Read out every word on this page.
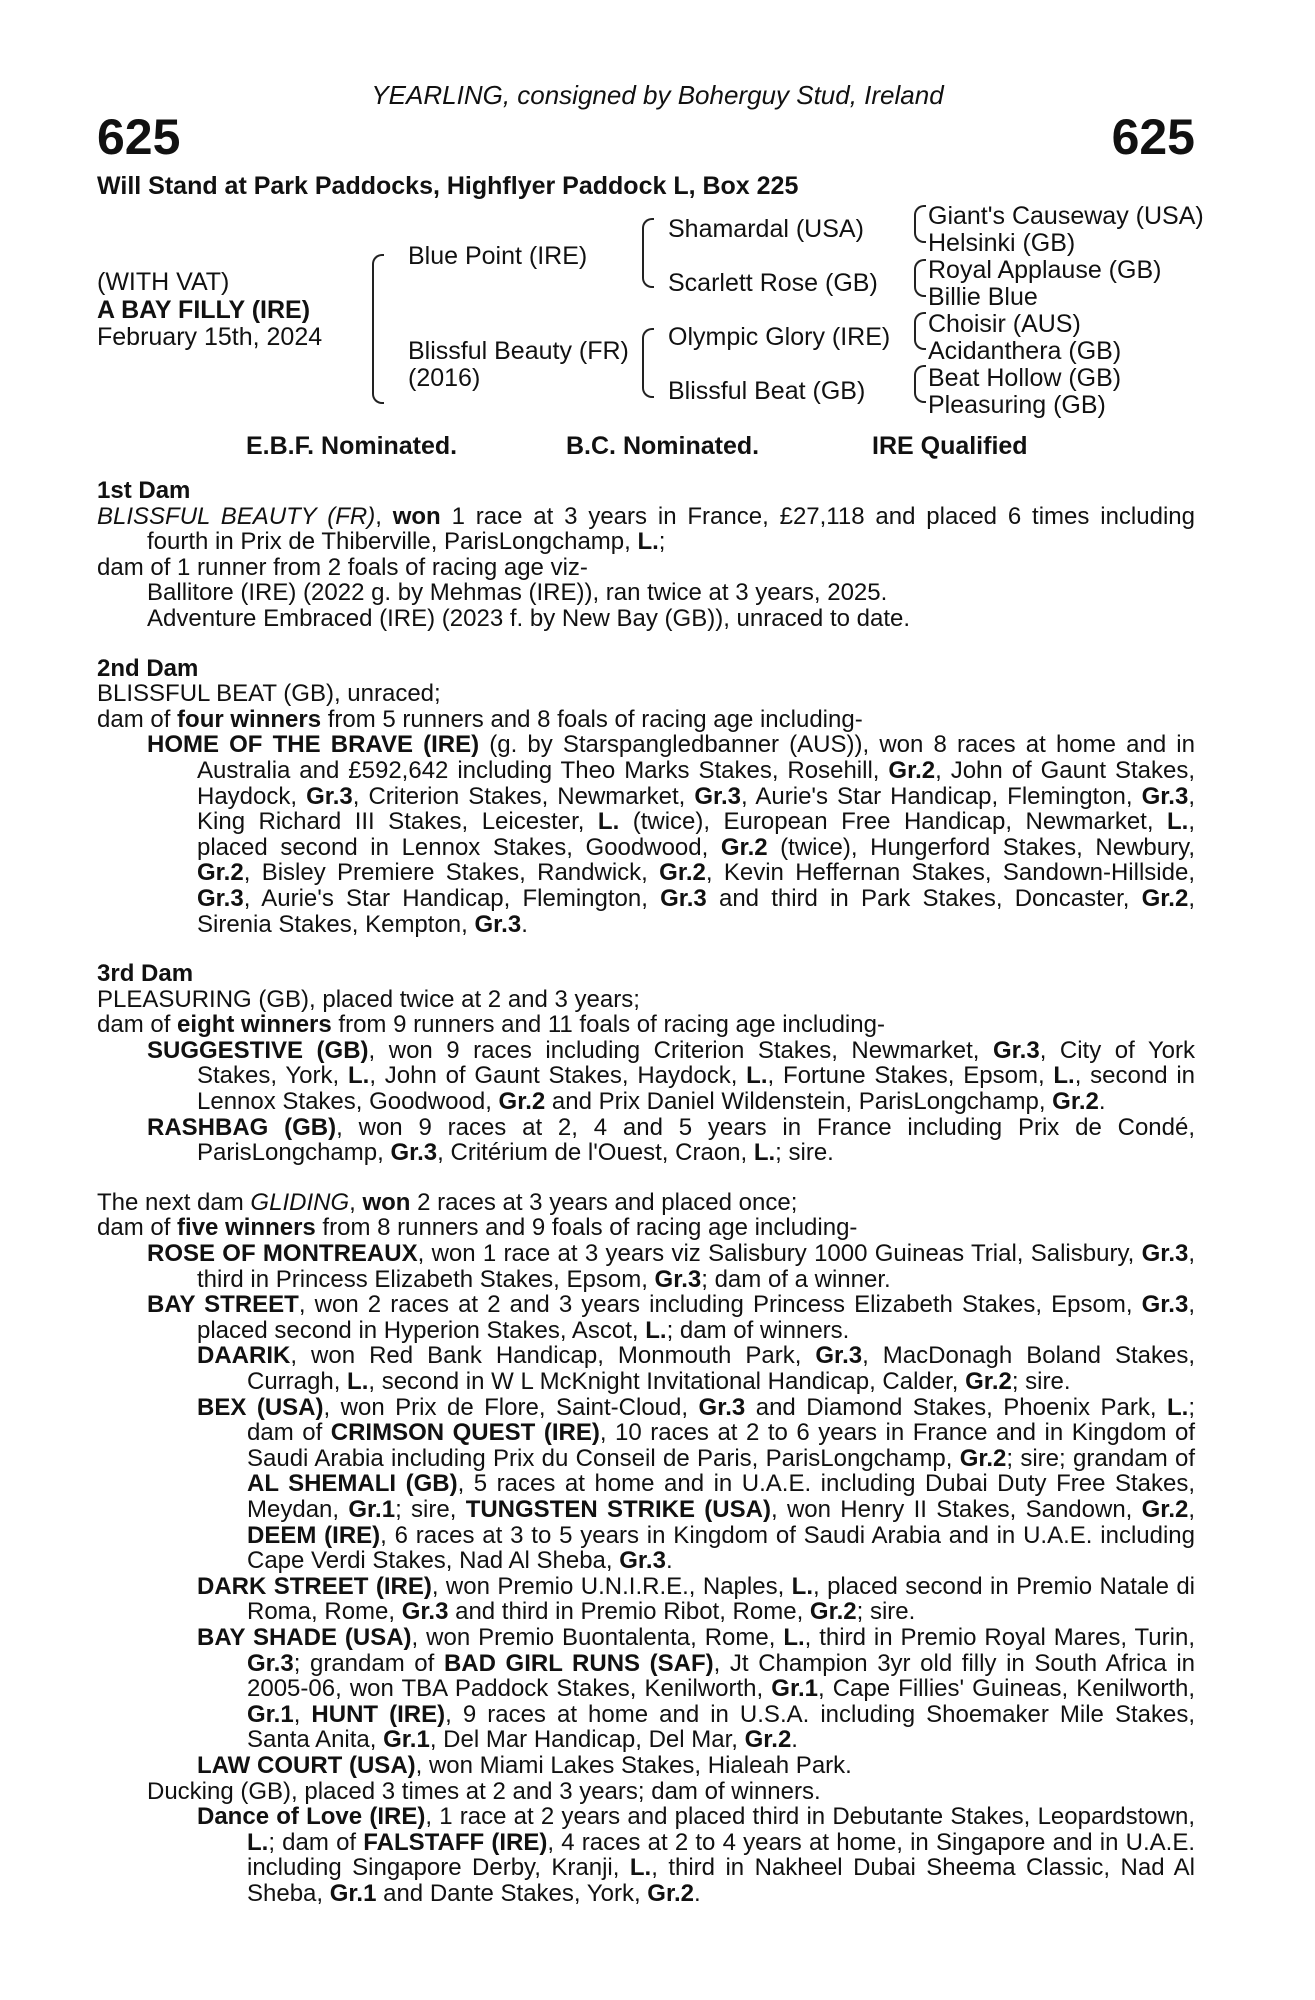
YEARLING, consigned by Boherguy Stud, Ireland
625	625
Will Stand at Park Paddocks, Highflyer Paddock L, Box 225
(WITH VAT)
A BAY FILLY (IRE)
February 15th, 2024
Blue Point (IRE)
Blissful Beauty (FR)
(2016)
Shamardal (USA)
Scarlett Rose (GB)
Olympic Glory (IRE)
Blissful Beat (GB)
Giant's Causeway (USA)
Helsinki (GB)
Royal Applause (GB)
Billie Blue
Choisir (AUS)
Acidanthera (GB)
Beat Hollow (GB)
Pleasuring (GB)
E.B.F. Nominated.	B.C. Nominated.	IRE Qualified

1st Dam

BLISSFUL BEAUTY (FR), won 1 race at 3 years in France, £27,118 and placed 6 times including fourth in Prix de Thiberville, ParisLongchamp, L.;

dam of 1 runner from 2 foals of racing age viz-

Ballitore (IRE) (2022 g. by Mehmas (IRE)), ran twice at 3 years, 2025.

Adventure Embraced (IRE) (2023 f. by New Bay (GB)), unraced to date.

2nd Dam

BLISSFUL BEAT (GB), unraced;

dam of four winners from 5 runners and 8 foals of racing age including-

HOME OF THE BRAVE (IRE) (g. by Starspangledbanner (AUS)), won 8 races at home and in Australia and £592,642 including Theo Marks Stakes, Rosehill, Gr.2, John of Gaunt Stakes, Haydock, Gr.3, Criterion Stakes, Newmarket, Gr.3, Aurie's Star Handicap, Flemington, Gr.3, King Richard III Stakes, Leicester, L. (twice), European Free Handicap, Newmarket, L., placed second in Lennox Stakes, Goodwood, Gr.2 (twice), Hungerford Stakes, Newbury, Gr.2, Bisley Premiere Stakes, Randwick, Gr.2, Kevin Heffernan Stakes, Sandown-Hillside, Gr.3, Aurie's Star Handicap, Flemington, Gr.3 and third in Park Stakes, Doncaster, Gr.2, Sirenia Stakes, Kempton, Gr.3.

3rd Dam

PLEASURING (GB), placed twice at 2 and 3 years;

dam of eight winners from 9 runners and 11 foals of racing age including-

SUGGESTIVE (GB), won 9 races including Criterion Stakes, Newmarket, Gr.3, City of York Stakes, York, L., John of Gaunt Stakes, Haydock, L., Fortune Stakes, Epsom, L., second in Lennox Stakes, Goodwood, Gr.2 and Prix Daniel Wildenstein, ParisLongchamp, Gr.2.

RASHBAG (GB), won 9 races at 2, 4 and 5 years in France including Prix de Condé, ParisLongchamp, Gr.3, Critérium de l'Ouest, Craon, L.; sire.

The next dam GLIDING, won 2 races at 3 years and placed once;

dam of five winners from 8 runners and 9 foals of racing age including-

ROSE OF MONTREAUX, won 1 race at 3 years viz Salisbury 1000 Guineas Trial, Salisbury, Gr.3, third in Princess Elizabeth Stakes, Epsom, Gr.3; dam of a winner.

BAY STREET, won 2 races at 2 and 3 years including Princess Elizabeth Stakes, Epsom, Gr.3, placed second in Hyperion Stakes, Ascot, L.; dam of winners.

DAARIK, won Red Bank Handicap, Monmouth Park, Gr.3, MacDonagh Boland Stakes, Curragh, L., second in W L McKnight Invitational Handicap, Calder, Gr.2; sire.

BEX (USA), won Prix de Flore, Saint-Cloud, Gr.3 and Diamond Stakes, Phoenix Park, L.; dam of CRIMSON QUEST (IRE), 10 races at 2 to 6 years in France and in Kingdom of Saudi Arabia including Prix du Conseil de Paris, ParisLongchamp, Gr.2; sire; grandam of AL SHEMALI (GB), 5 races at home and in U.A.E. including Dubai Duty Free Stakes, Meydan, Gr.1; sire, TUNGSTEN STRIKE (USA), won Henry II Stakes, Sandown, Gr.2, DEEM (IRE), 6 races at 3 to 5 years in Kingdom of Saudi Arabia and in U.A.E. including Cape Verdi Stakes, Nad Al Sheba, Gr.3.

DARK STREET (IRE), won Premio U.N.I.R.E., Naples, L., placed second in Premio Natale di Roma, Rome, Gr.3 and third in Premio Ribot, Rome, Gr.2; sire.

BAY SHADE (USA), won Premio Buontalenta, Rome, L., third in Premio Royal Mares, Turin, Gr.3; grandam of BAD GIRL RUNS (SAF), Jt Champion 3yr old filly in South Africa in 2005-06, won TBA Paddock Stakes, Kenilworth, Gr.1, Cape Fillies' Guineas, Kenilworth, Gr.1, HUNT (IRE), 9 races at home and in U.S.A. including Shoemaker Mile Stakes, Santa Anita, Gr.1, Del Mar Handicap, Del Mar, Gr.2.

LAW COURT (USA), won Miami Lakes Stakes, Hialeah Park.

Ducking (GB), placed 3 times at 2 and 3 years; dam of winners.

Dance of Love (IRE), 1 race at 2 years and placed third in Debutante Stakes, Leopardstown, L.; dam of FALSTAFF (IRE), 4 races at 2 to 4 years at home, in Singapore and in U.A.E. including Singapore Derby, Kranji, L., third in Nakheel Dubai Sheema Classic, Nad Al Sheba, Gr.1 and Dante Stakes, York, Gr.2.
